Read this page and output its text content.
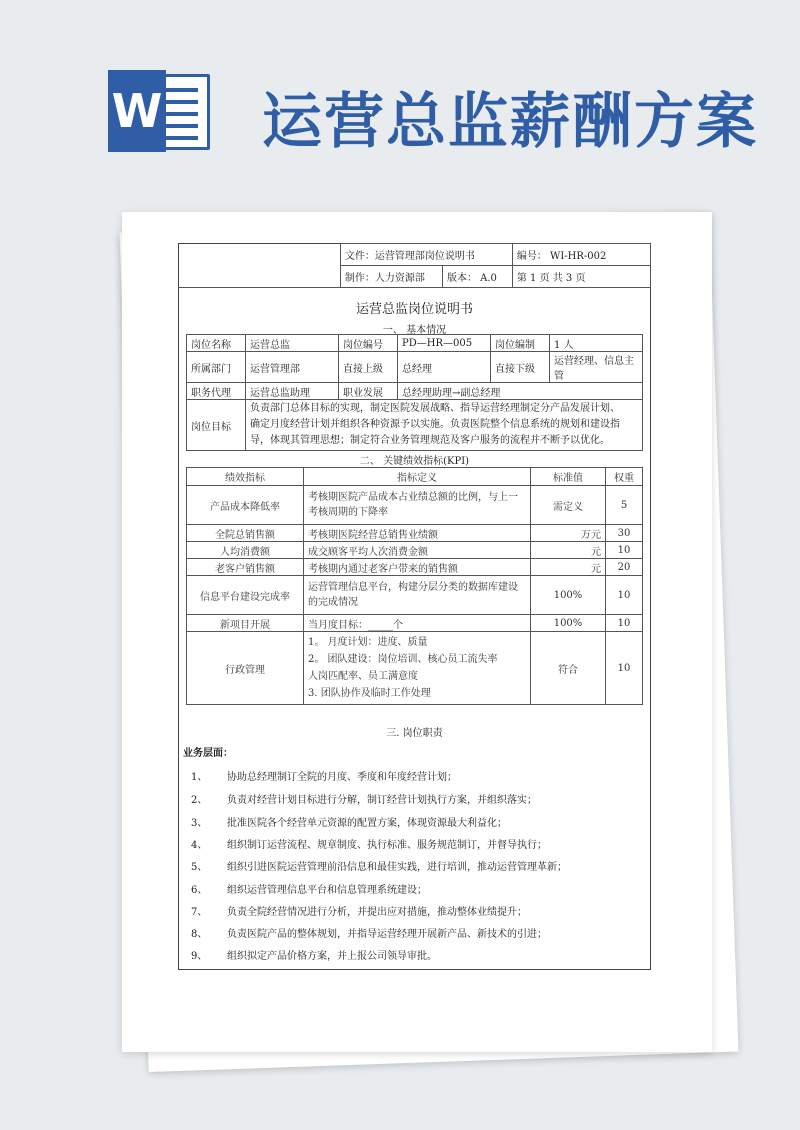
W 运营总监薪酬方案
	文件：运营管理部岗位说明书		编号： WI-HR-002
	制作：人力资源部	版本： A.0	第 1 页 共 3 页
运营总监岗位说明书
一、 基本情况
岗位名称	运营总监	岗位编号	PD—HR—005	岗位编制	1 人
所属部门	运营管理部	直接上级	总经理	直接下级	运营经理、信息主管
职务代理	运营总监助理	职业发展	总经理助理→副总经理		
岗位目标	负责部门总体目标的实现，制定医院发展战略、指导运营经理制定分产品发展计划、
确定月度经营计划并组织各种资源予以实施。负责医院整个信息系统的规划和建设指
导，体现其管理思想；制定符合业务管理规范及客户服务的流程并不断予以优化。				
二、 关键绩效指标(KPI)
绩效指标	指标定义	标准值	权重
产品成本降低率	考核期医院产品成本占业绩总额的比例，与上一
考核周期的下降率	需定义	5
全院总销售额	考核期医院经营总销售业绩额	万元	30
人均消费额	成交顾客平均人次消费金额	元	10
老客户销售额	考核期内通过老客户带来的销售额	元	20
信息平台建设完成率	运营管理信息平台，构建分层分类的数据库建设
的完成情况	100%	10
新项目开展	当月度目标：_____个	100%	10
行政管理	1。 月度计划：进度、质量
2。 团队建设：岗位培训、核心员工流失率
人岗匹配率、员工满意度
3. 团队协作及临时工作处理	符合	10
三. 岗位职责
业务层面：
1、 协助总经理制订全院的月度、季度和年度经营计划；
2、 负责对经营计划目标进行分解，制订经营计划执行方案，并组织落实；
3、 批准医院各个经营单元资源的配置方案，体现资源最大利益化；
4、 组织制订运营流程、规章制度、执行标准、服务规范制订，并督导执行；
5、 组织引进医院运营管理前沿信息和最佳实践，进行培训，推动运营管理革新；
6、 组织运营管理信息平台和信息管理系统建设；
7、 负责全院经营情况进行分析，并提出应对措施，推动整体业绩提升；
8、 负责医院产品的整体规划，并指导运营经理开展新产品、新技术的引进；
9、 组织拟定产品价格方案，并上报公司领导审批。
